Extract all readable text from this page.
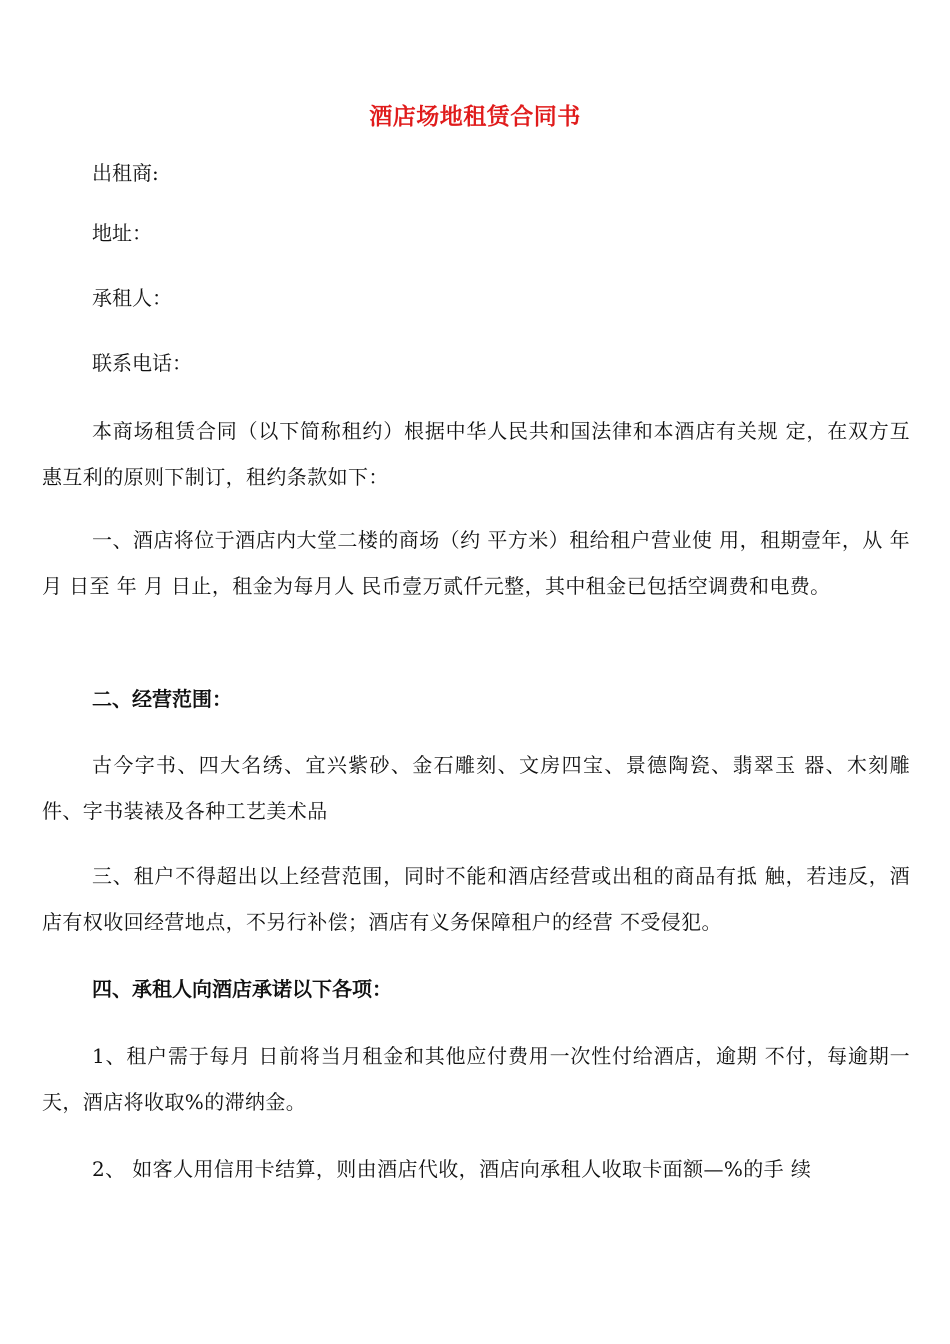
酒店场地租赁合同书

出租商:

地址：

承租人：

联系电话：

本商场租赁合同（以下简称租约）根据中华人民共和国法律和本酒店有关规 定，在双方互惠互利的原则下制订，租约条款如下：

一、酒店将位于酒店内大堂二楼的商场（约 平方米）租给租户营业使 用，租期壹年，从 年 月 日至 年 月 日止，租金为每月人 民币壹万贰仟元整，其中租金已包括空调费和电费。

二、经营范围：

古今字书、四大名绣、宜兴紫砂、金石雕刻、文房四宝、景德陶瓷、翡翠玉 器、木刻雕件、字书装裱及各种工艺美术品

三、租户不得超出以上经营范围，同时不能和酒店经营或出租的商品有抵 触，若违反，酒店有权收回经营地点，不另行补偿；酒店有义务保障租户的经营 不受侵犯。

四、承租人向酒店承诺以下各项：

1、租户需于每月 日前将当月租金和其他应付费用一次性付给酒店，逾期 不付，每逾期一天，酒店将收取%的滞纳金。

2、 如客人用信用卡结算，则由酒店代收，酒店向承租人收取卡面额—%的手 续
